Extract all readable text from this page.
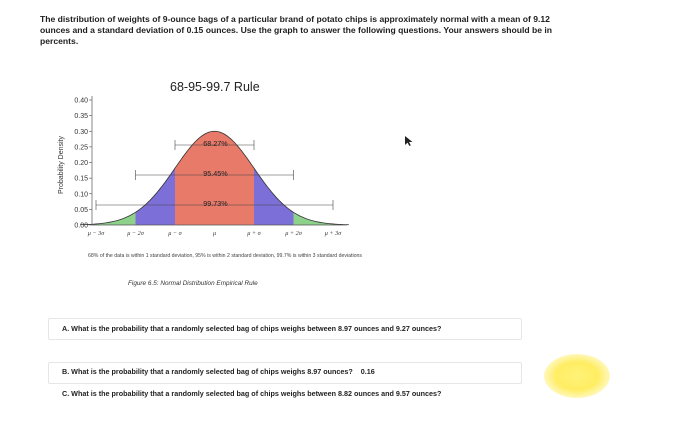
The distribution of weights of 9-ounce bags of a particular brand of potato chips is approximately normal with a mean of 9.12 ounces and a standard deviation of 0.15 ounces. Use the graph to answer the following questions. Your answers should be in percents.
68-95-99.7 Rule
68.27%
95.45%
99.73%
0.40
0.35
0.30
0.25
0.20
0.15
0.10
0.05
0.00
μ − 3σ	μ − 2σ	μ − σ	μ	μ + σ	μ + 2σ	μ + 3σ
Probability Density
68% of the data is within 1 standard deviation, 95% is within 2 standard deviation, 99.7% is within 3 standard deviations
Figure 6.5: Normal Distribution Empirical Rule
A. What is the probability that a randomly selected bag of chips weighs between 8.97 ounces and 9.27 ounces?
B. What is the probability that a randomly selected bag of chips weighs 8.97 ounces? 0.16
C. What is the probability that a randomly selected bag of chips weighs between 8.82 ounces and 9.57 ounces?
